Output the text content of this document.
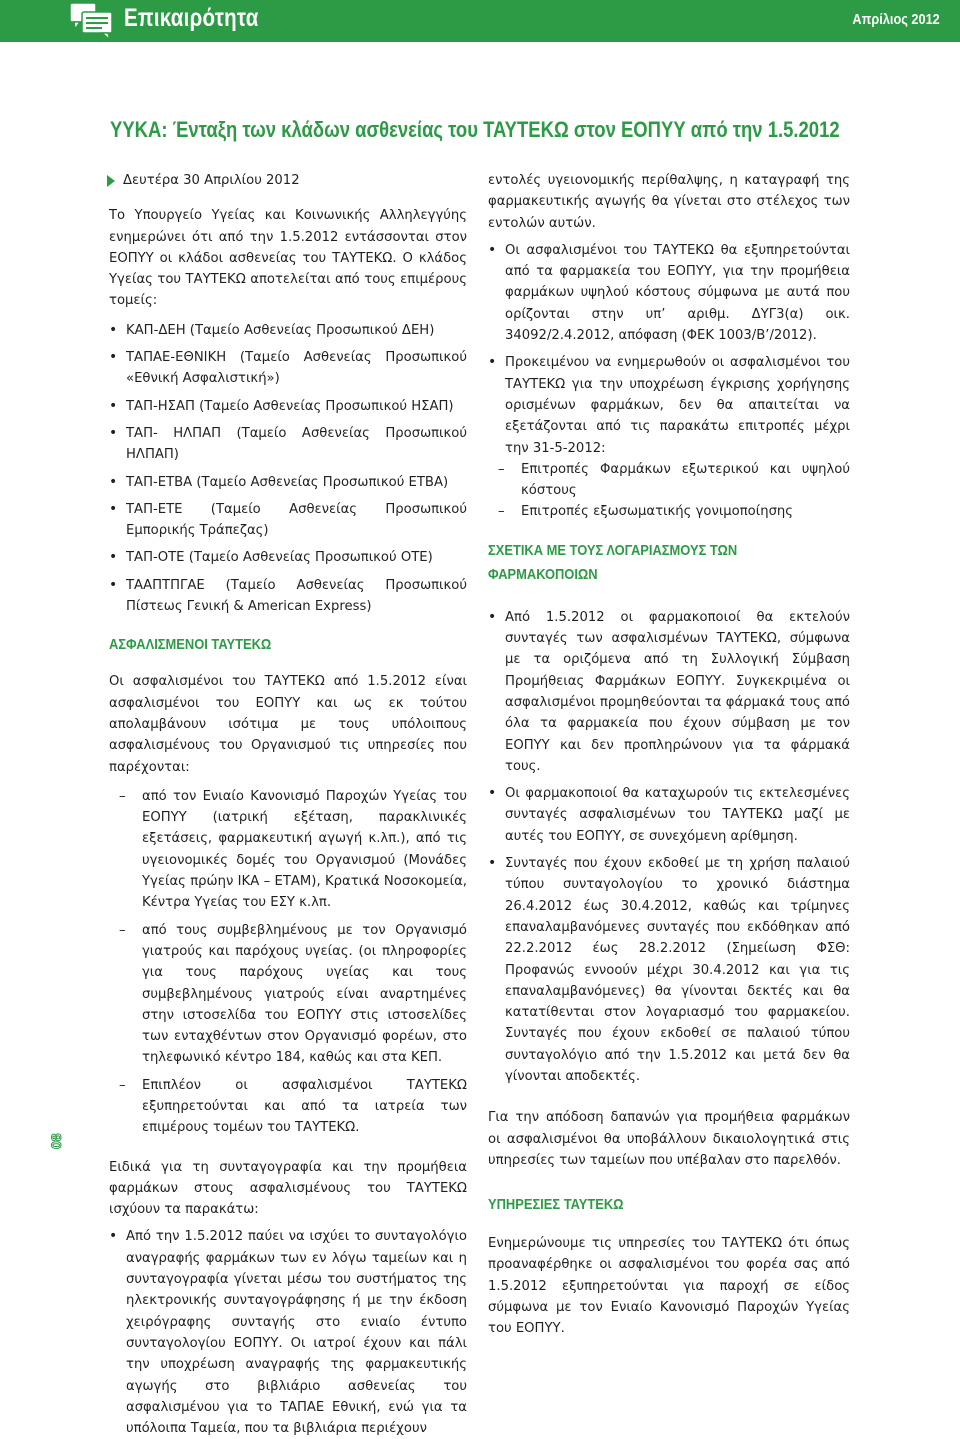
Επικαιρότητα	Απρίλιος 2012
ΥΥΚΑ: Ένταξη των κλάδων ασθενείας του ΤΑΥΤΕΚΩ στον ΕΟΠΥΥ από την 1.5.2012
Δευτέρα 30 Απριλίου 2012

Το Υπουργείο Υγείας και Κοινωνικής Αλληλεγγύης ενημερώνει ότι από την 1.5.2012 εντάσσονται στον ΕΟΠΥΥ οι κλάδοι ασθενείας του ΤΑΥΤΕΚΩ. Ο κλάδος Υγείας του ΤΑΥΤΕΚΩ αποτελείται από τους επιμέρους τομείς:

• ΚΑΠ-ΔΕΗ (Ταμείο Ασθενείας Προσωπικού ΔΕΗ)
• ΤΑΠΑΕ-ΕΘΝΙΚΗ (Ταμείο Ασθενείας Προσωπικού «Εθνική Ασφαλιστική»)
• ΤΑΠ-ΗΣΑΠ (Ταμείο Ασθενείας Προσωπικού ΗΣΑΠ)
• ΤΑΠ- ΗΛΠΑΠ (Ταμείο Ασθενείας Προσωπικού ΗΛΠΑΠ)
• ΤΑΠ-ΕΤΒΑ (Ταμείο Ασθενείας Προσωπικού ΕΤΒΑ)
• ΤΑΠ-ΕΤΕ (Ταμείο Ασθενείας Προσωπικού Εμπορικής Τράπεζας)
• ΤΑΠ-ΟΤΕ (Ταμείο Ασθενείας Προσωπικού ΟΤΕ)
• ΤΑΑΠΤΠΓΑΕ (Ταμείο Ασθενείας Προσωπικού Πίστεως Γενική & American Express)
ΑΣΦΑΛΙΣΜΕΝΟΙ ΤΑΥΤΕΚΩ

Οι ασφαλισμένοι του ΤΑΥΤΕΚΩ από 1.5.2012 είναι ασφαλισμένοι του ΕΟΠΥΥ και ως εκ τούτου απολαμβάνουν ισότιμα με τους υπόλοιπους ασφαλισμένους του Οργανισμού τις υπηρεσίες που παρέχονται:

– από τον Ενιαίο Κανονισμό Παροχών Υγείας του ΕΟΠΥΥ (ιατρική εξέταση, παρακλινικές εξετάσεις, φαρμακευτική αγωγή κ.λπ.), από τις υγειονομικές δομές του Οργανισμού (Μονάδες Υγείας πρώην ΙΚΑ – ΕΤΑΜ), Κρατικά Νοσοκομεία, Κέντρα Υγείας του ΕΣΥ κ.λπ.
– από τους συμβεβλημένους με τον Οργανισμό γιατρούς και παρόχους υγείας. (οι πληροφορίες για τους παρόχους υγείας και τους συμβεβλημένους γιατρούς είναι αναρτημένες στην ιστοσελίδα του ΕΟΠΥΥ στις ιστοσελίδες των ενταχθέντων στον Οργανισμό φορέων, στο τηλεφωνικό κέντρο 184, καθώς και στα ΚΕΠ.
– Επιπλέον οι ασφαλισμένοι ΤΑΥΤΕΚΩ εξυπηρετούνται και από τα ιατρεία των επιμέρους τομέων του ΤΑΥΤΕΚΩ.

Ειδικά για τη συνταγογραφία και την προμήθεια φαρμάκων στους ασφαλισμένους του ΤΑΥΤΕΚΩ ισχύουν τα παρακάτω:

• Από την 1.5.2012 παύει να ισχύει το συνταγολόγιο αναγραφής φαρμάκων των εν λόγω ταμείων και η συνταγογραφία γίνεται μέσω του συστήματος της ηλεκτρονικής συνταγογράφησης ή με την έκδοση χειρόγραφης συνταγής στο ενιαίο έντυπο συνταγολογίου ΕΟΠΥΥ. Οι ιατροί έχουν και πάλι την υποχρέωση αναγραφής της φαρμακευτικής αγωγής στο βιβλιάριο ασθενείας του ασφαλισμένου για το ΤΑΠΑΕ Εθνική, ενώ για τα υπόλοιπα Ταμεία, που τα βιβλιάρια περιέχουν

εντολές υγειονομικής περίθαλψης, η καταγραφή της φαρμακευτικής αγωγής θα γίνεται στο στέλεχος των εντολών αυτών.

• Οι ασφαλισμένοι του ΤΑΥΤΕΚΩ θα εξυπηρετούνται από τα φαρμακεία του ΕΟΠΥΥ, για την προμήθεια φαρμάκων υψηλού κόστους σύμφωνα με αυτά που ορίζονται στην υπ’ αριθμ. ΔΥΓ3(α) οικ. 34092/2.4.2012, απόφαση (ΦΕΚ 1003/Β’/2012).
• Προκειμένου να ενημερωθούν οι ασφαλισμένοι του ΤΑΥΤΕΚΩ για την υποχρέωση έγκρισης χορήγησης ορισμένων φαρμάκων, δεν θα απαιτείται να εξετάζονται από τις παρακάτω επιτροπές μέχρι την 31-5-2012:
– Επιτροπές Φαρμάκων εξωτερικού και υψηλού κόστους
– Επιτροπές εξωσωματικής γονιμοποίησης
ΣΧΕΤΙΚΑ ΜΕ ΤΟΥΣ ΛΟΓΑΡΙΑΣΜΟΥΣ ΤΩΝ
ΦΑΡΜΑΚΟΠΟΙΩΝ
• Από 1.5.2012 οι φαρμακοποιοί θα εκτελούν συνταγές των ασφαλισμένων ΤΑΥΤΕΚΩ, σύμφωνα με τα οριζόμενα από τη Συλλογική Σύμβαση Προμήθειας Φαρμάκων ΕΟΠΥΥ. Συγκεκριμένα οι ασφαλισμένοι προμηθεύονται τα φάρμακά τους από όλα τα φαρμακεία που έχουν σύμβαση με τον ΕΟΠΥΥ και δεν προπληρώνουν για τα φάρμακά τους.
• Οι φαρμακοποιοί θα καταχωρούν τις εκτελεσμένες συνταγές ασφαλισμένων του ΤΑΥΤΕΚΩ μαζί με αυτές του ΕΟΠΥΥ, σε συνεχόμενη αρίθμηση.
• Συνταγές που έχουν εκδοθεί με τη χρήση παλαιού τύπου συνταγολογίου το χρονικό διάστημα 26.4.2012 έως 30.4.2012, καθώς και τρίμηνες επαναλαμβανόμενες συνταγές που εκδόθηκαν από 22.2.2012 έως 28.2.2012 (Σημείωση ΦΣΘ: Προφανώς εννοούν μέχρι 30.4.2012 και για τις επαναλαμβανόμενες) θα γίνονται δεκτές και θα κατατίθενται στον λογαριασμό του φαρμακείου. Συνταγές που έχουν εκδοθεί σε παλαιού τύπου συνταγολόγιο από την 1.5.2012 και μετά δεν θα γίνονται αποδεκτές.

Για την απόδοση δαπανών για προμήθεια φαρμάκων οι ασφαλισμένοι θα υποβάλλουν δικαιολογητικά στις υπηρεσίες των ταμείων που υπέβαλαν στο παρελθόν.

ΥΠΗΡΕΣΙΕΣ ΤΑΥΤΕΚΩ

Ενημερώνουμε τις υπηρεσίες του ΤΑΥΤΕΚΩ ότι όπως προαναφέρθηκε οι ασφαλισμένοι του φορέα σας από 1.5.2012 εξυπηρετούνται για παροχή σε είδος σύμφωνα με τον Ενιαίο Κανονισμό Παροχών Υγείας του ΕΟΠΥΥ.

08
